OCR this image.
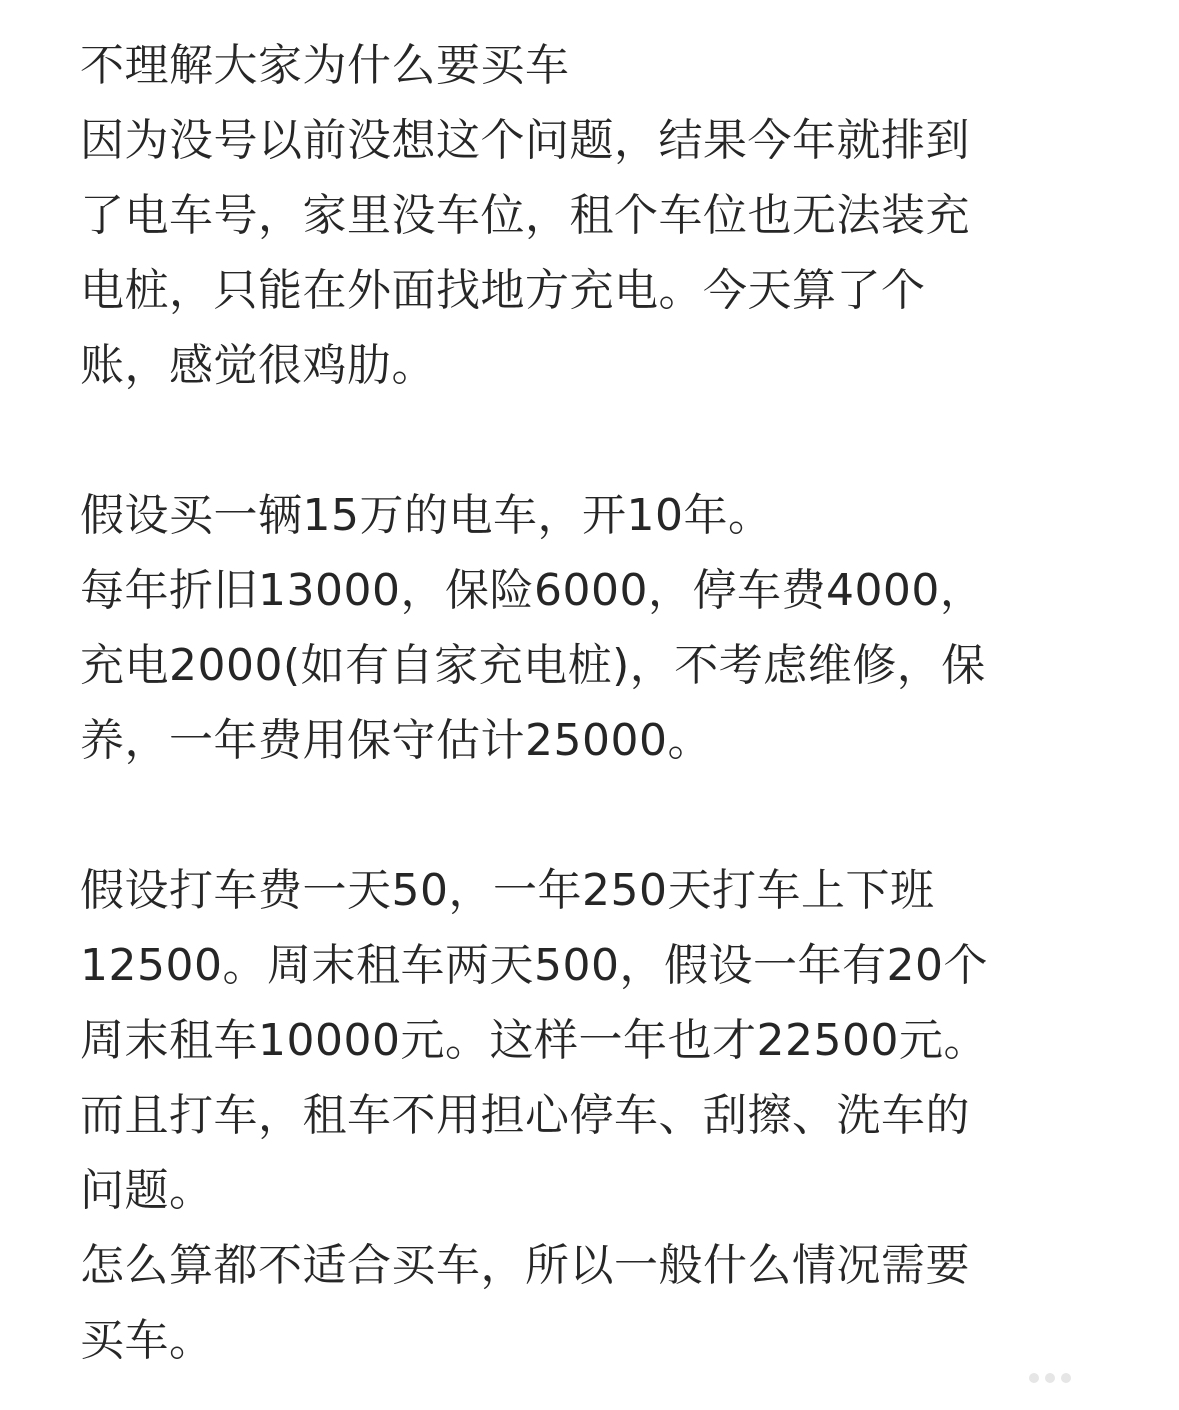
不理解大家为什么要买车
因为没号以前没想这个问题，结果今年就排到
了电车号，家里没车位，租个车位也无法装充
电桩，只能在外面找地方充电。今天算了个
账，感觉很鸡肋。
假设买一辆15万的电车，开10年。
每年折旧13000，保险6000，停车费4000，
充电2000(如有自家充电桩)，不考虑维修，保
养，一年费用保守估计25000。
假设打车费一天50，一年250天打车上下班
12500。周末租车两天500，假设一年有20个
周末租车10000元。这样一年也才22500元。
而且打车，租车不用担心停车、刮擦、洗车的
问题。
怎么算都不适合买车，所以一般什么情况需要
买车。
